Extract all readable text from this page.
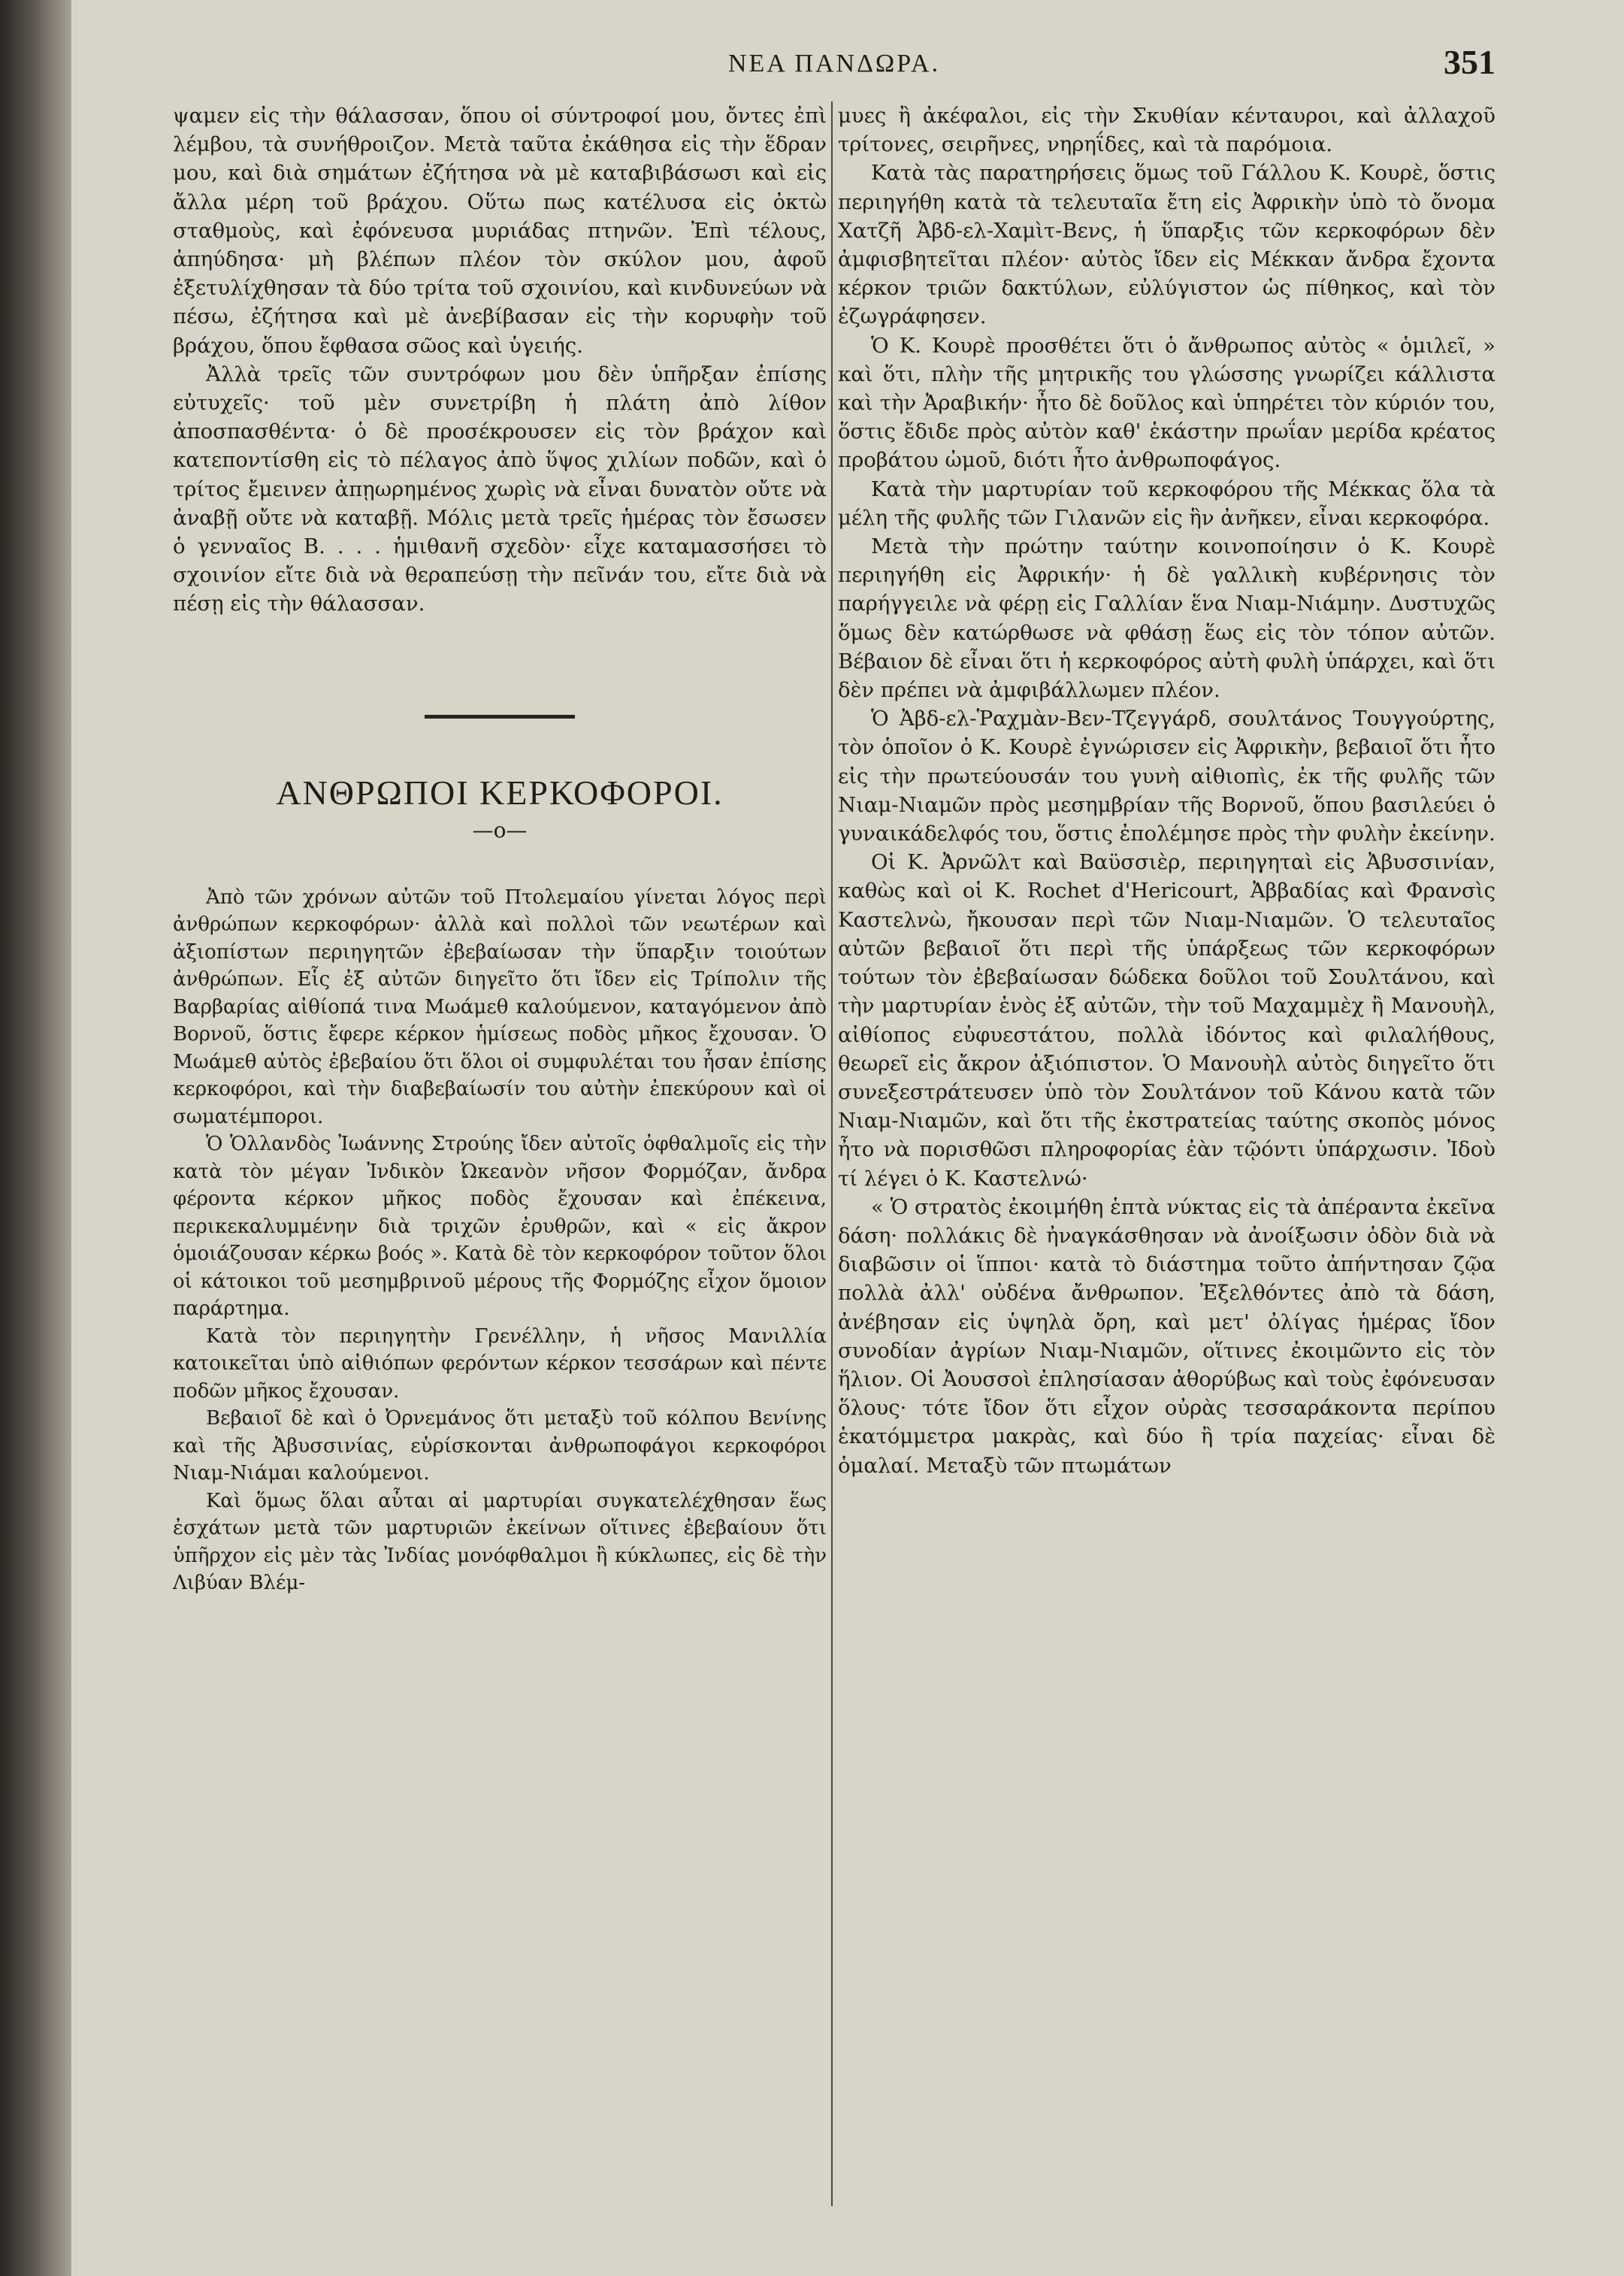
ΝΕΑ ΠΑΝΔΩΡΑ.	351

ψαμεν εἰς τὴν θάλασσαν, ὅπου οἱ σύντροφοί μου, ὄντες ἐπὶ λέμβου, τὰ συνήθροιζον. Μετὰ ταῦτα ἐκάθησα εἰς τὴν ἕδραν μου, καὶ διὰ σημάτων ἐζήτησα νὰ μὲ καταβιβάσωσι καὶ εἰς ἄλλα μέρη τοῦ βράχου. Οὕτω πως κατέλυσα εἰς ὀκτὼ σταθμοὺς, καὶ ἐφόνευσα μυριάδας πτηνῶν. Ἐπὶ τέλους, ἀπηύδησα· μὴ βλέπων πλέον τὸν σκύλον μου, ἀφοῦ ἐξετυλίχθησαν τὰ δύο τρίτα τοῦ σχοινίου, καὶ κινδυνεύων νὰ πέσω, ἐζήτησα καὶ μὲ ἀνεβίβασαν εἰς τὴν κορυφὴν τοῦ βράχου, ὅπου ἔφθασα σῶος καὶ ὑγειής.

Ἀλλὰ τρεῖς τῶν συντρόφων μου δὲν ὑπῆρξαν ἐπίσης εὐτυχεῖς· τοῦ μὲν συνετρίβη ἡ πλάτη ἀπὸ λίθον ἀποσπασθέντα· ὁ δὲ προσέκρουσεν εἰς τὸν βράχον καὶ κατεποντίσθη εἰς τὸ πέλαγος ἀπὸ ὕψος χιλίων ποδῶν, καὶ ὁ τρίτος ἔμεινεν ἀπῃωρημένος χωρὶς νὰ εἶναι δυνατὸν οὔτε νὰ ἀναβῇ οὔτε νὰ καταβῇ. Μόλις μετὰ τρεῖς ἡμέρας τὸν ἔσωσεν ὁ γενναῖος Β. . . . ἡμιθανῆ σχεδὸν· εἶχε καταμασσήσει τὸ σχοινίον εἴτε διὰ νὰ θεραπεύσῃ τὴν πεῖνάν του, εἴτε διὰ νὰ πέσῃ εἰς τὴν θάλασσαν.

ΑΝΘΡΩΠΟΙ ΚΕΡΚΟΦΟΡΟΙ.
—o—

Ἀπὸ τῶν χρόνων αὐτῶν τοῦ Πτολεμαίου γίνεται λόγος περὶ ἀνθρώπων κερκοφόρων· ἀλλὰ καὶ πολλοὶ τῶν νεωτέρων καὶ ἀξιοπίστων περιηγητῶν ἐβεβαίωσαν τὴν ὕπαρξιν τοιούτων ἀνθρώπων. Εἷς ἐξ αὐτῶν διηγεῖτο ὅτι ἴδεν εἰς Τρίπολιν τῆς Βαρβαρίας αἰθίοπά τινα Μωάμεθ καλούμενον, καταγόμενον ἀπὸ Βορνοῦ, ὅστις ἔφερε κέρκον ἡμίσεως ποδὸς μῆκος ἔχουσαν. Ὁ Μωάμεθ αὐτὸς ἐβεβαίου ὅτι ὅλοι οἱ συμφυλέται του ἦσαν ἐπίσης κερκοφόροι, καὶ τὴν διαβεβαίωσίν του αὐτὴν ἐπεκύρουν καὶ οἱ σωματέμποροι.

Ὁ Ὁλλανδὸς Ἰωάννης Στρούης ἴδεν αὐτοῖς ὀφθαλμοῖς εἰς τὴν κατὰ τὸν μέγαν Ἰνδικὸν Ὠκεανὸν νῆσον Φορμόζαν, ἄνδρα φέροντα κέρκον μῆκος ποδὸς ἔχουσαν καὶ ἐπέκεινα, περικεκαλυμμένην διὰ τριχῶν ἐρυθρῶν, καὶ « εἰς ἄκρον ὁμοιάζουσαν κέρκω βοός ». Κατὰ δὲ τὸν κερκοφόρον τοῦτον ὅλοι οἱ κάτοικοι τοῦ μεσημβρινοῦ μέρους τῆς Φορμόζης εἶχον ὅμοιον παράρτημα.

Κατὰ τὸν περιηγητὴν Γρενέλλην, ἡ νῆσος Μανιλλία κατοικεῖται ὑπὸ αἰθιόπων φερόντων κέρκον τεσσάρων καὶ πέντε ποδῶν μῆκος ἔχουσαν.

Βεβαιοῖ δὲ καὶ ὁ Ὀρνεμάνος ὅτι μεταξὺ τοῦ κόλπου Βενίνης καὶ τῆς Ἀβυσσινίας, εὑρίσκονται ἀνθρωποφάγοι κερκοφόροι Νιαμ-Νιάμαι καλούμενοι.

Καὶ ὅμως ὅλαι αὗται αἱ μαρτυρίαι συγκατελέχθησαν ἕως ἐσχάτων μετὰ τῶν μαρτυριῶν ἐκείνων οἵτινες ἐβεβαίουν ὅτι ὑπῆρχον εἰς μὲν τὰς Ἰνδίας μονόφθαλμοι ἢ κύκλωπες, εἰς δὲ τὴν Λιβύαν Βλέμ-

μυες ἢ ἀκέφαλοι, εἰς τὴν Σκυθίαν κένταυροι, καὶ ἀλλαχοῦ τρίτονες, σειρῆνες, νηρηΐδες, καὶ τὰ παρόμοια.

Κατὰ τὰς παρατηρήσεις ὅμως τοῦ Γάλλου Κ. Κουρὲ, ὅστις περιηγήθη κατὰ τὰ τελευταῖα ἔτη εἰς Ἀφρικὴν ὑπὸ τὸ ὄνομα Χατζῆ Ἀβδ-ελ-Χαμὶτ-Βενς, ἡ ὕπαρξις τῶν κερκοφόρων δὲν ἀμφισβητεῖται πλέον· αὐτὸς ἴδεν εἰς Μέκκαν ἄνδρα ἔχοντα κέρκον τριῶν δακτύλων, εὐλύγιστον ὡς πίθηκος, καὶ τὸν ἐζωγράφησεν.

Ὁ Κ. Κουρὲ προσθέτει ὅτι ὁ ἄνθρωπος αὐτὸς « ὁμιλεῖ, » καὶ ὅτι, πλὴν τῆς μητρικῆς του γλώσσης γνωρίζει κάλλιστα καὶ τὴν Ἀραβικήν· ἦτο δὲ δοῦλος καὶ ὑπηρέτει τὸν κύριόν του, ὅστις ἔδιδε πρὸς αὐτὸν καθ' ἑκάστην πρωΐαν μερίδα κρέατος προβάτου ὠμοῦ, διότι ἦτο ἀνθρωποφάγος.

Κατὰ τὴν μαρτυρίαν τοῦ κερκοφόρου τῆς Μέκκας ὅλα τὰ μέλη τῆς φυλῆς τῶν Γιλανῶν εἰς ἣν ἀνῆκεν, εἶναι κερκοφόρα.

Μετὰ τὴν πρώτην ταύτην κοινοποίησιν ὁ Κ. Κουρὲ περιηγήθη εἰς Ἀφρικήν· ἡ δὲ γαλλικὴ κυβέρνησις τὸν παρήγγειλε νὰ φέρῃ εἰς Γαλλίαν ἕνα Νιαμ-Νιάμην. Δυστυχῶς ὅμως δὲν κατώρθωσε νὰ φθάσῃ ἕως εἰς τὸν τόπον αὐτῶν. Βέβαιον δὲ εἶναι ὅτι ἡ κερκοφόρος αὐτὴ φυλὴ ὑπάρχει, καὶ ὅτι δὲν πρέπει νὰ ἀμφιβάλλωμεν πλέον.

Ὁ Ἀβδ-ελ-Ῥαχμὰν-Βεν-Τζεγγάρδ, σουλτάνος Τουγγούρτης, τὸν ὁποῖον ὁ Κ. Κουρὲ ἐγνώρισεν εἰς Ἀφρικὴν, βεβαιοῖ ὅτι ἦτο εἰς τὴν πρωτεύουσάν του γυνὴ αἰθιοπὶς, ἐκ τῆς φυλῆς τῶν Νιαμ-Νιαμῶν πρὸς μεσημβρίαν τῆς Βορνοῦ, ὅπου βασιλεύει ὁ γυναικάδελφός του, ὅστις ἐπολέμησε πρὸς τὴν φυλὴν ἐκείνην.

Οἱ Κ. Ἀρνῶλτ καὶ Βαϋσσιὲρ, περιηγηταὶ εἰς Ἀβυσσινίαν, καθὼς καὶ οἱ Κ. Rochet d'Hericourt, Ἀββαδίας καὶ Φρανσὶς Καστελνὼ, ἤκουσαν περὶ τῶν Νιαμ-Νιαμῶν. Ὁ τελευταῖος αὐτῶν βεβαιοῖ ὅτι περὶ τῆς ὑπάρξεως τῶν κερκοφόρων τούτων τὸν ἐβεβαίωσαν δώδεκα δοῦλοι τοῦ Σουλτάνου, καὶ τὴν μαρτυρίαν ἑνὸς ἐξ αὐτῶν, τὴν τοῦ Μαχαμμὲχ ἢ Μανουὴλ, αἰθίοπος εὐφυεστάτου, πολλὰ ἰδόντος καὶ φιλαλήθους, θεωρεῖ εἰς ἄκρον ἀξιόπιστον. Ὁ Μανουὴλ αὐτὸς διηγεῖτο ὅτι συνεξεστράτευσεν ὑπὸ τὸν Σουλτάνον τοῦ Κάνου κατὰ τῶν Νιαμ-Νιαμῶν, καὶ ὅτι τῆς ἐκστρατείας ταύτης σκοπὸς μόνος ἦτο νὰ πορισθῶσι πληροφορίας ἐὰν τῷόντι ὑπάρχωσιν. Ἰδοὺ τί λέγει ὁ Κ. Καστελνώ·

« Ὁ στρατὸς ἐκοιμήθη ἑπτὰ νύκτας εἰς τὰ ἀπέραντα ἐκεῖνα δάση· πολλάκις δὲ ἠναγκάσθησαν νὰ ἀνοίξωσιν ὁδὸν διὰ νὰ διαβῶσιν οἱ ἵπποι· κατὰ τὸ διάστημα τοῦτο ἀπήντησαν ζῷα πολλὰ ἀλλ' οὐδένα ἄνθρωπον. Ἐξελθόντες ἀπὸ τὰ δάση, ἀνέβησαν εἰς ὑψηλὰ ὄρη, καὶ μετ' ὀλίγας ἡμέρας ἴδον συνοδίαν ἀγρίων Νιαμ-Νιαμῶν, οἵτινες ἐκοιμῶντο εἰς τὸν ἥλιον. Οἱ Ἀουσσοὶ ἐπλησίασαν ἀθορύβως καὶ τοὺς ἐφόνευσαν ὅλους· τότε ἴδον ὅτι εἶχον οὐρὰς τεσσαράκοντα περίπου ἑκατόμμετρα μακρὰς, καὶ δύο ἢ τρία παχείας· εἶναι δὲ ὁμαλαί. Μεταξὺ τῶν πτωμάτων
